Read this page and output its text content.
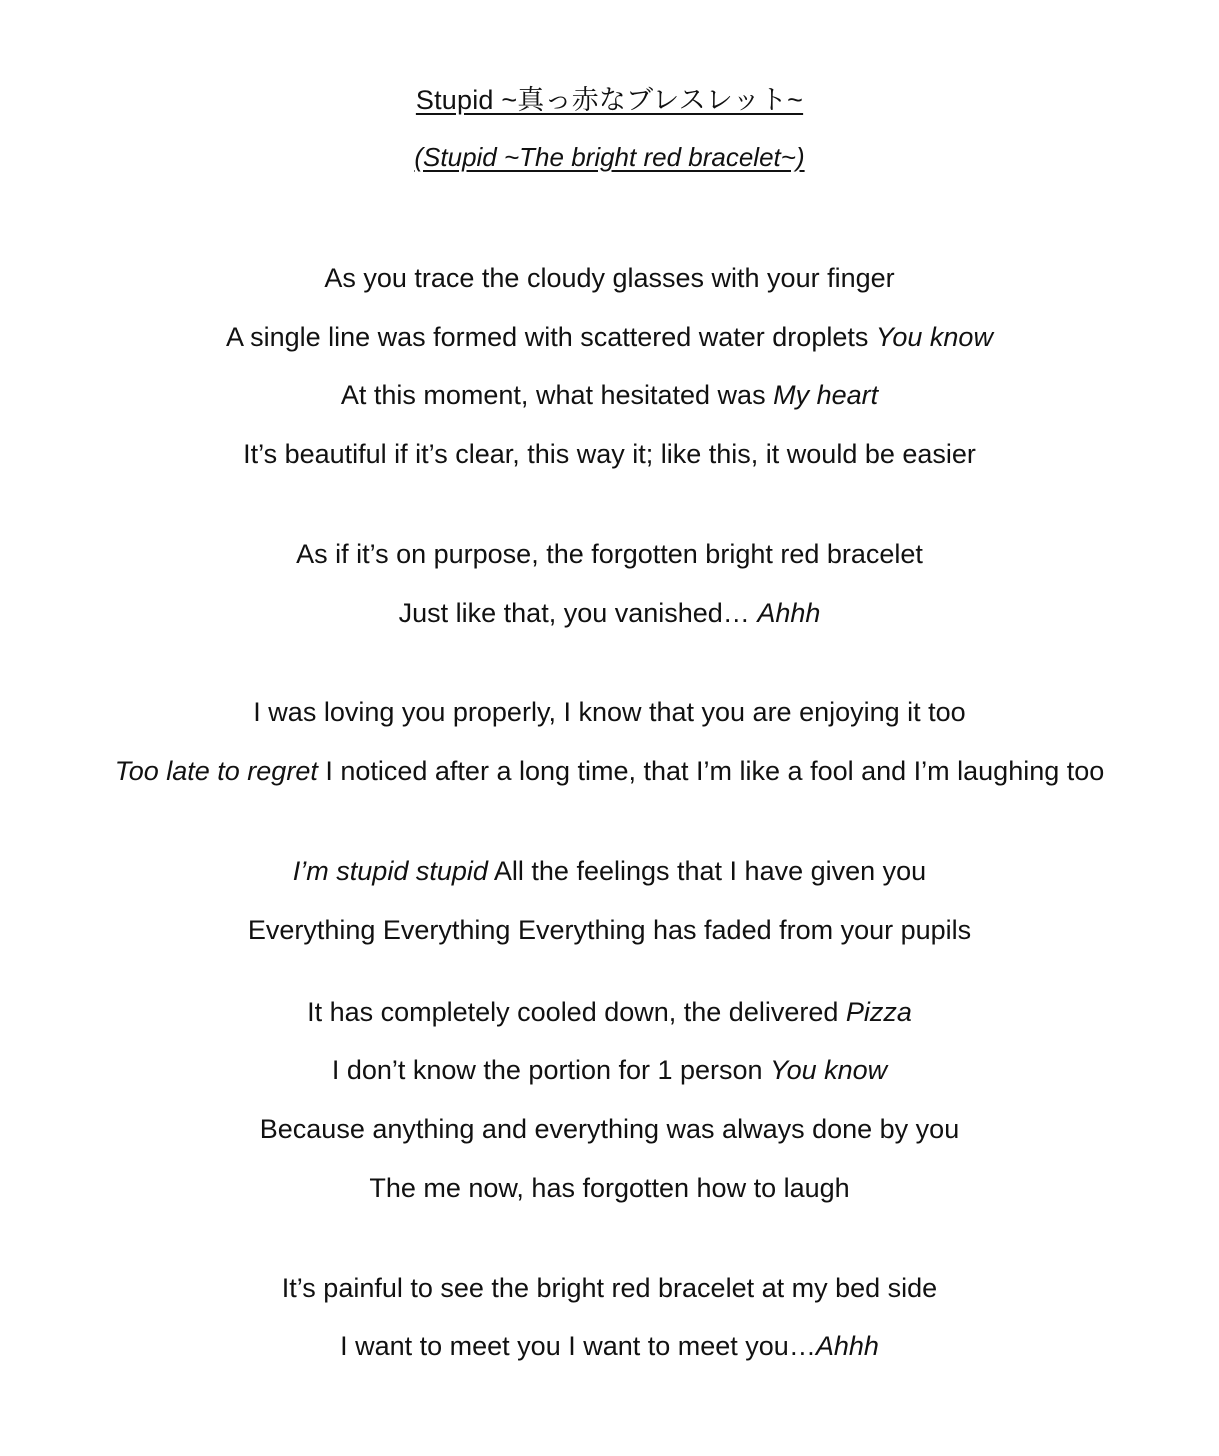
Stupid ~真っ赤なブレスレット~
(Stupid ~The bright red bracelet~)
As you trace the cloudy glasses with your finger
A single line was formed with scattered water droplets You know
At this moment, what hesitated was My heart
It’s beautiful if it’s clear, this way it; like this, it would be easier
As if it’s on purpose, the forgotten bright red bracelet
Just like that, you vanished… Ahhh
I was loving you properly, I know that you are enjoying it too
Too late to regret I noticed after a long time, that I’m like a fool and I’m laughing too
I’m stupid stupid All the feelings that I have given you
Everything Everything Everything has faded from your pupils
It has completely cooled down, the delivered Pizza
I don’t know the portion for 1 person You know
Because anything and everything was always done by you
The me now, has forgotten how to laugh
It’s painful to see the bright red bracelet at my bed side
I want to meet you I want to meet you…Ahhh
